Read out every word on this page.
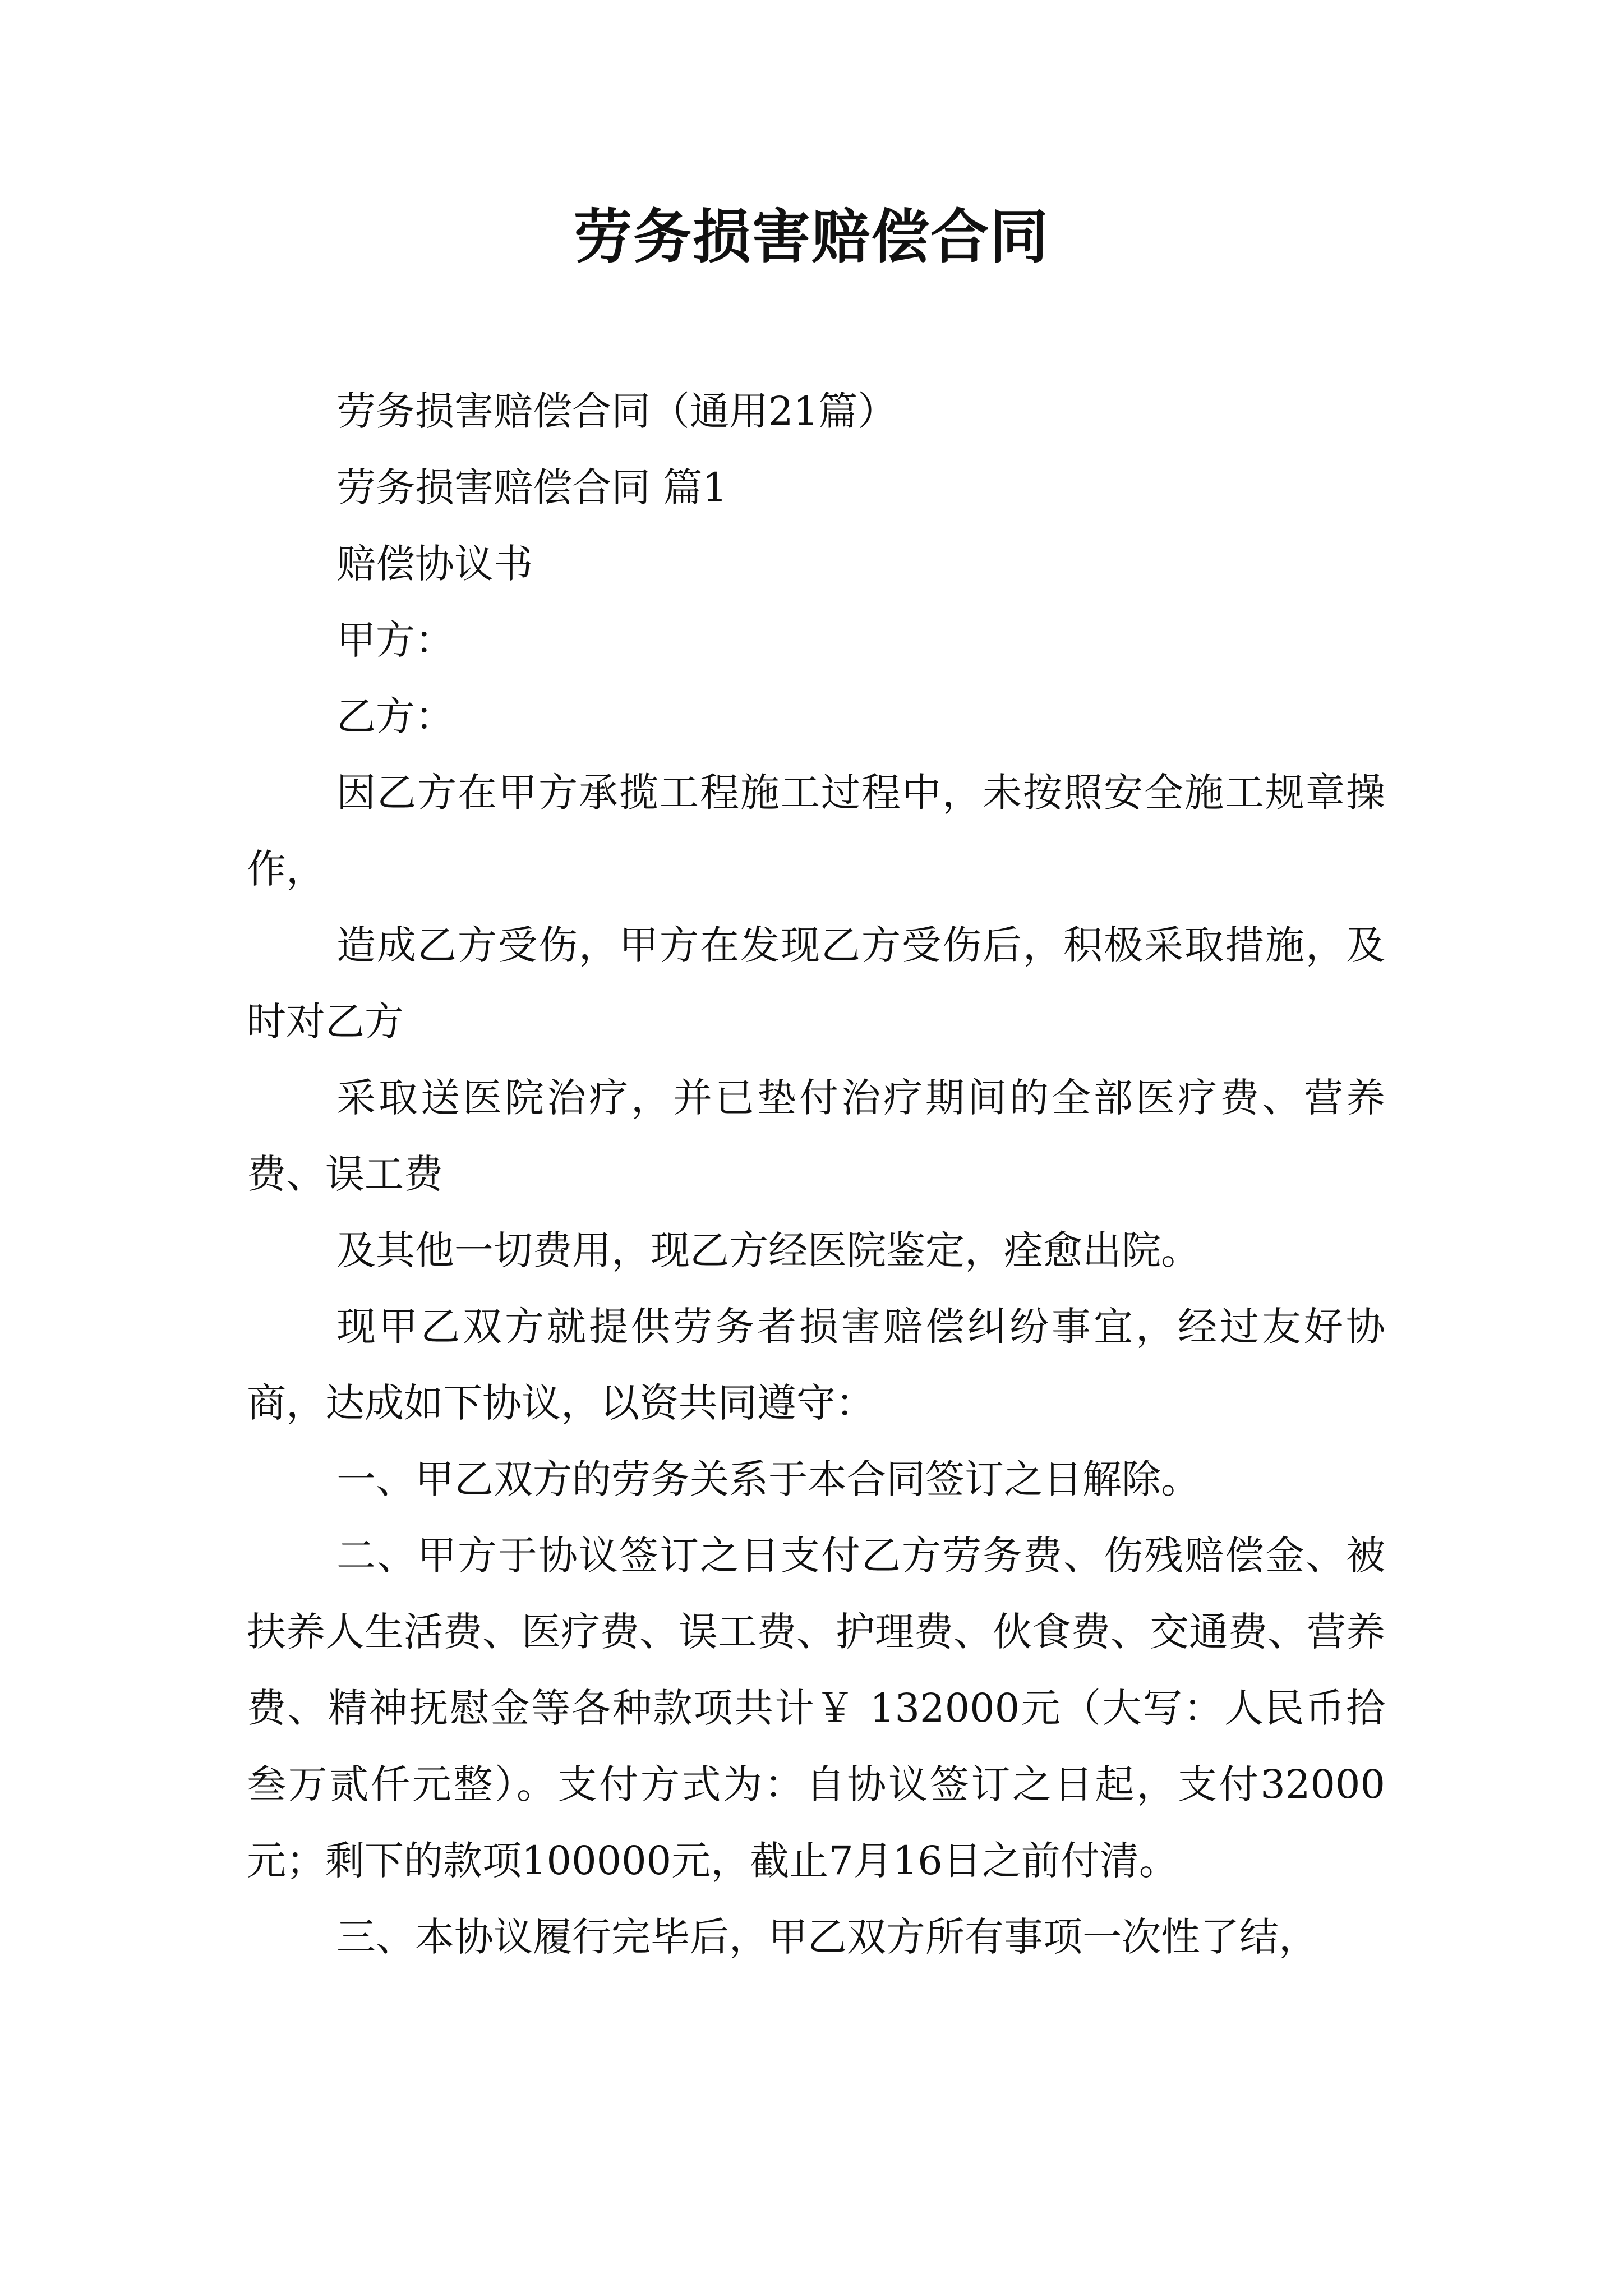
劳务损害赔偿合同

劳务损害赔偿合同（通用21篇）

劳务损害赔偿合同 篇1

赔偿协议书

甲方：

乙方：

因乙方在甲方承揽工程施工过程中，未按照安全施工规章操作，

造成乙方受伤，甲方在发现乙方受伤后，积极采取措施，及时对乙方

采取送医院治疗，并已垫付治疗期间的全部医疗费、营养费、误工费

及其他一切费用，现乙方经医院鉴定，痊愈出院。

现甲乙双方就提供劳务者损害赔偿纠纷事宜，经过友好协商，达成如下协议，以资共同遵守：

一、甲乙双方的劳务关系于本合同签订之日解除。

二、甲方于协议签订之日支付乙方劳务费、伤残赔偿金、被扶养人生活费、医疗费、误工费、护理费、伙食费、交通费、营养费、精神抚慰金等各种款项共计￥ 132000元（大写：人民币拾叁万贰仟元整）。支付方式为：自协议签订之日起，支付32000元；剩下的款项100000元，截止7月16日之前付清。

三、本协议履行完毕后，甲乙双方所有事项一次性了结，
